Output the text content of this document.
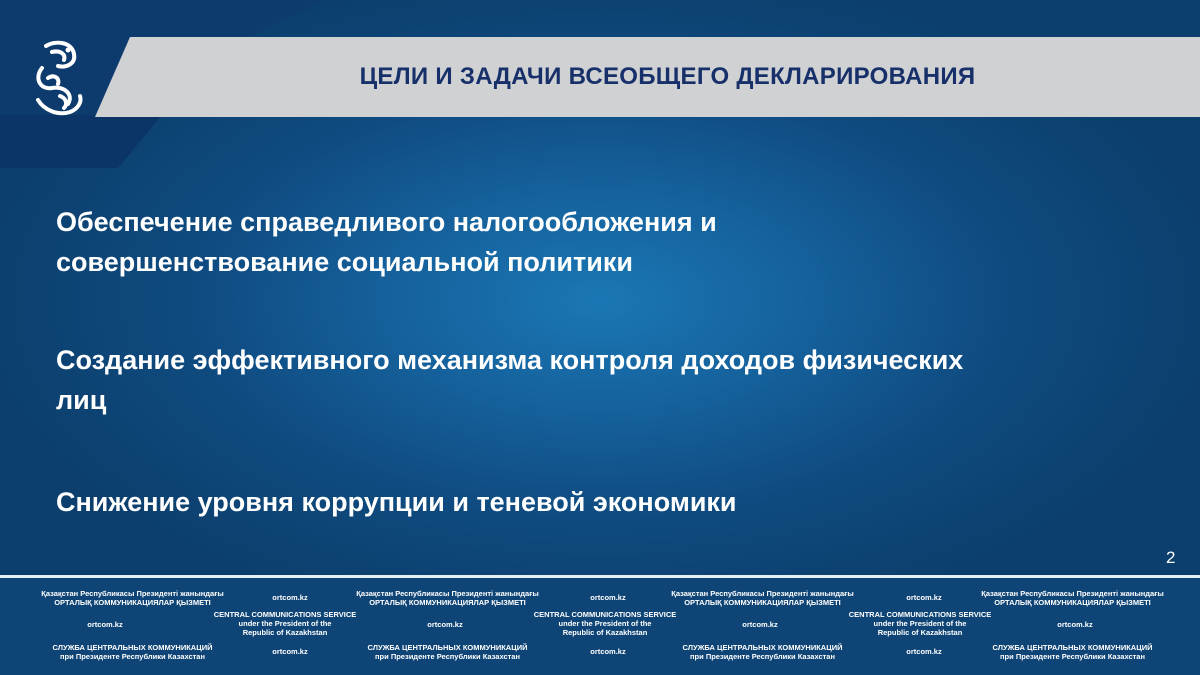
ЦЕЛИ И ЗАДАЧИ ВСЕОБЩЕГО ДЕКЛАРИРОВАНИЯ
Обеспечение справедливого налогообложения и
совершенствование социальной политики
Создание эффективного механизма контроля доходов физических
лиц
Снижение уровня коррупции и теневой экономики
2
Қазақстан Республикасы Президенті жанындағы
ОРТАЛЫҚ КОММУНИКАЦИЯЛАР ҚЫЗМЕТІ
ortcom.kz	Қазақстан Республикасы Президенті жанындағы
ОРТАЛЫҚ КОММУНИКАЦИЯЛАР ҚЫЗМЕТІ
ortcom.kz	Қазақстан Республикасы Президенті жанындағы
ОРТАЛЫҚ КОММУНИКАЦИЯЛАР ҚЫЗМЕТІ
ortcom.kz	Қазақстан Республикасы Президенті жанындағы
ОРТАЛЫҚ КОММУНИКАЦИЯЛАР ҚЫЗМЕТІ
ortcom.kz
CENTRAL COMMUNICATIONS SERVICE
under the President of the
Republic of Kazakhstan
ortcom.kz
CENTRAL COMMUNICATIONS SERVICE
under the President of the
Republic of Kazakhstan
ortcom.kz
CENTRAL COMMUNICATIONS SERVICE
under the President of the
Republic of Kazakhstan
ortcom.kz
СЛУЖБА ЦЕНТРАЛЬНЫХ КОММУНИКАЦИЙ
при Президенте Республики Казахстан
ortcom.kz	СЛУЖБА ЦЕНТРАЛЬНЫХ КОММУНИКАЦИЙ
при Президенте Республики Казахстан
ortcom.kz	СЛУЖБА ЦЕНТРАЛЬНЫХ КОММУНИКАЦИЙ
при Президенте Республики Казахстан
ortcom.kz	СЛУЖБА ЦЕНТРАЛЬНЫХ КОММУНИКАЦИЙ
при Президенте Республики Казахстан
